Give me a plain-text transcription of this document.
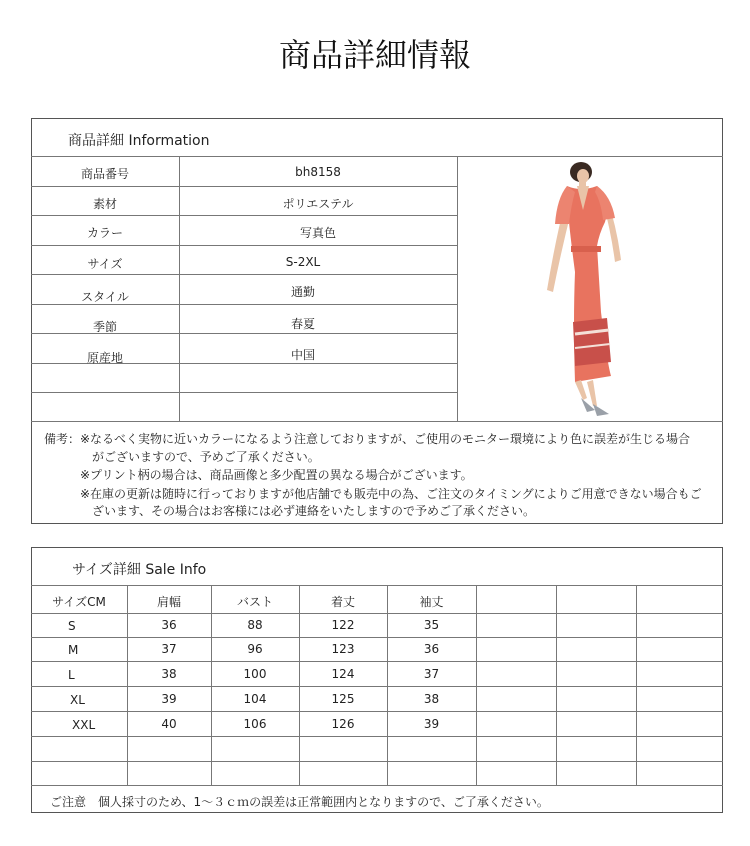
商品詳細情報
商品詳細 Information
商品番号	bh8158
素材	ポリエステル
カラー	写真色
サイズ	S-2XL
スタイル	通勤
季節	春夏
原産地	中国
備考：※なるべく実物に近いカラーになるよう注意しておりますが、ご使用のモニター環境により色に誤差が生じる場合
がございますので、予めご了承ください。
※プリント柄の場合は、商品画像と多少配置の異なる場合がございます。
※在庫の更新は随時に行っておりますが他店舗でも販売中の為、ご注文のタイミングによりご用意できない場合もご
ざいます、その場合はお客様には必ず連絡をいたしますので予めご了承ください。
サイズ詳細 Sale Info
サイズCM	肩幅	バスト	着丈	袖丈
S	36	88	122	35
M	37	96	123	36
L	38	100	124	37
XL	39	104	125	38
XXL	40	106	126	39
ご注意　個人採寸のため、1～３ｃｍの誤差は正常範囲内となりますので、ご了承ください。
